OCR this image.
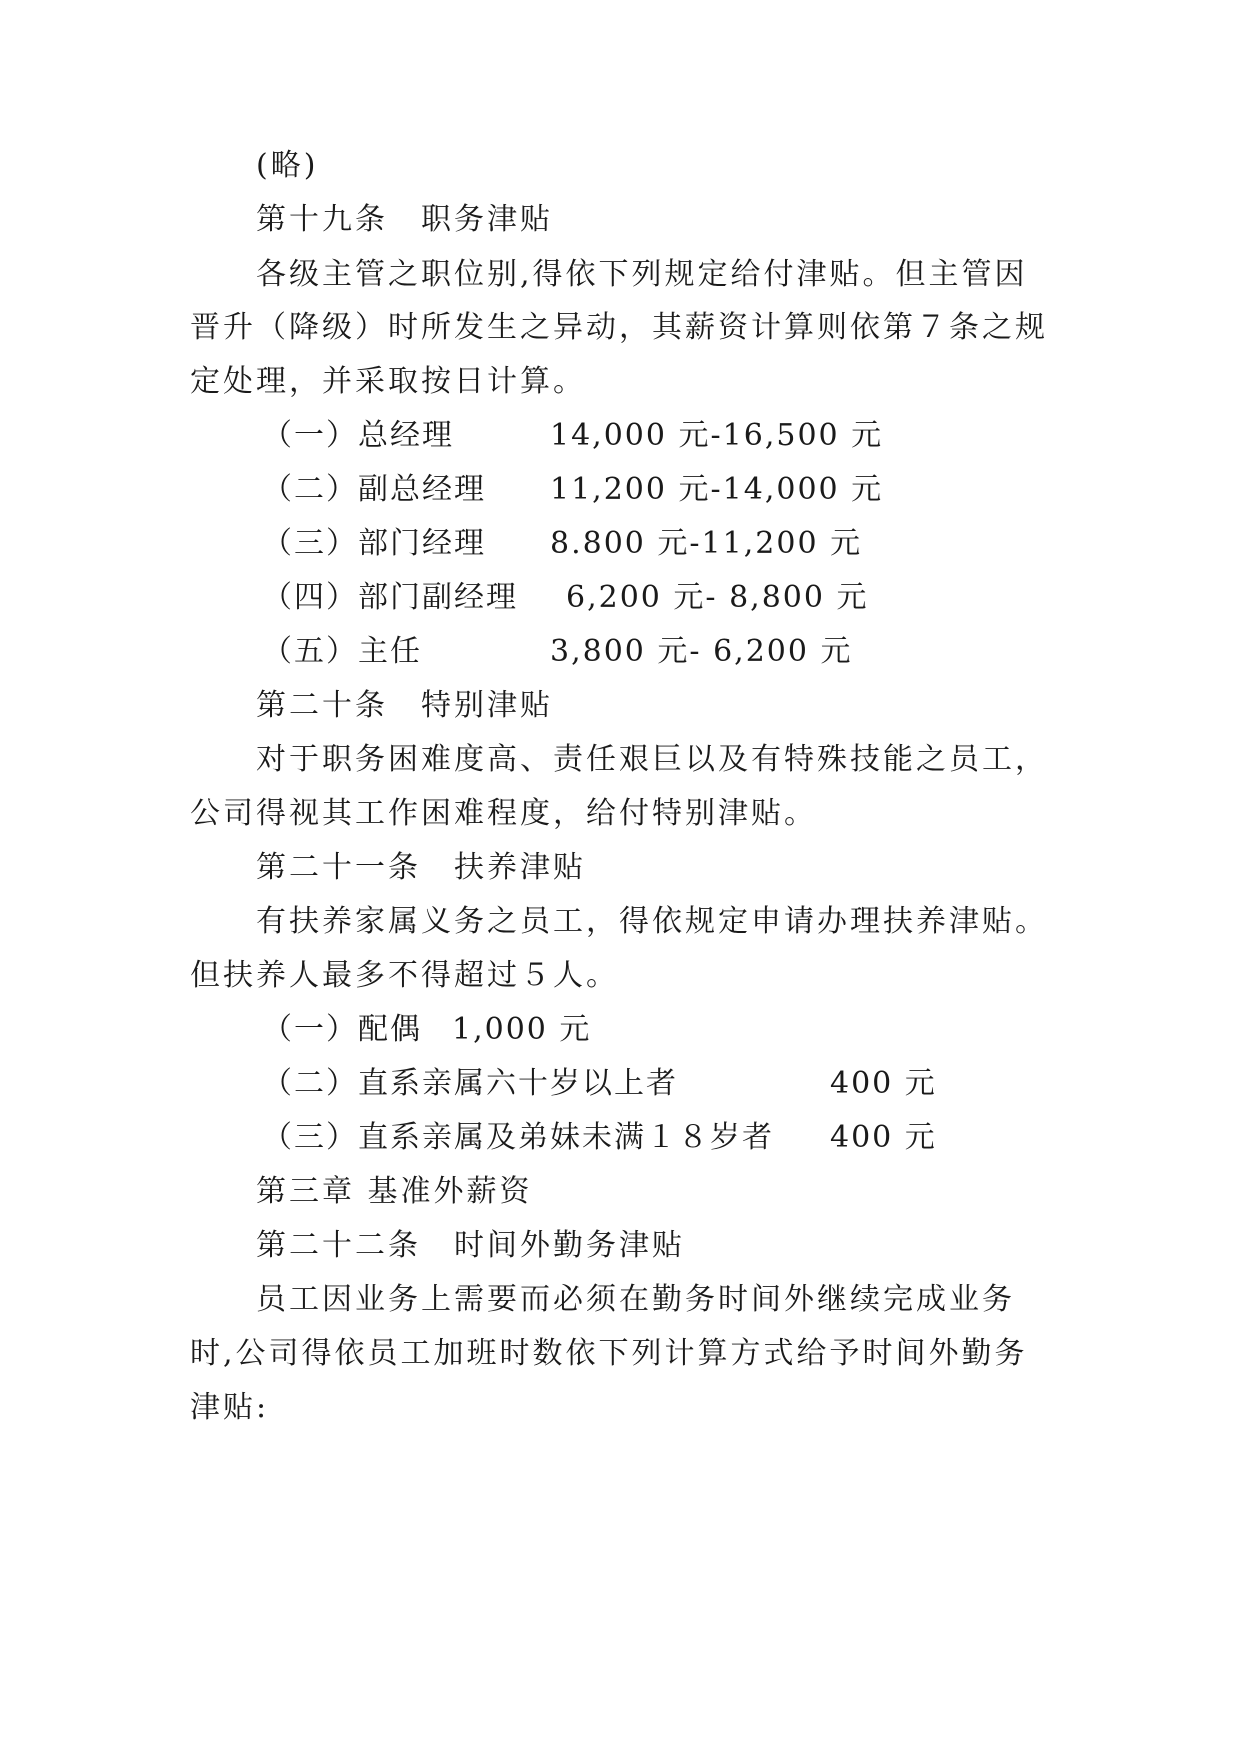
(略)
第十九条　职务津贴
各级主管之职位别,得依下列规定给付津贴。但主管因
晋升（降级）时所发生之异动，其薪资计算则依第７条之规
定处理，并采取按日计算。
（一）总经理	14,000 元-16,500 元
（二）副总经理 11,200 元-14,000 元
（三）部门经理 8.800 元-11,200 元
（四）部门副经理 6,200 元- 8,800 元
（五）主任	3,800 元- 6,200 元
第二十条　特别津贴
对于职务困难度高、责任艰巨以及有特殊技能之员工，
公司得视其工作困难程度，给付特别津贴。
第二十一条　扶养津贴
有扶养家属义务之员工，得依规定申请办理扶养津贴。
但扶养人最多不得超过５人。
（一）配偶 1,000 元
（二）直系亲属六十岁以上者	400 元
（三）直系亲属及弟妹未满１８岁者 400 元
第三章 基准外薪资
第二十二条　时间外勤务津贴
员工因业务上需要而必须在勤务时间外继续完成业务
时,公司得依员工加班时数依下列计算方式给予时间外勤务
津贴:
